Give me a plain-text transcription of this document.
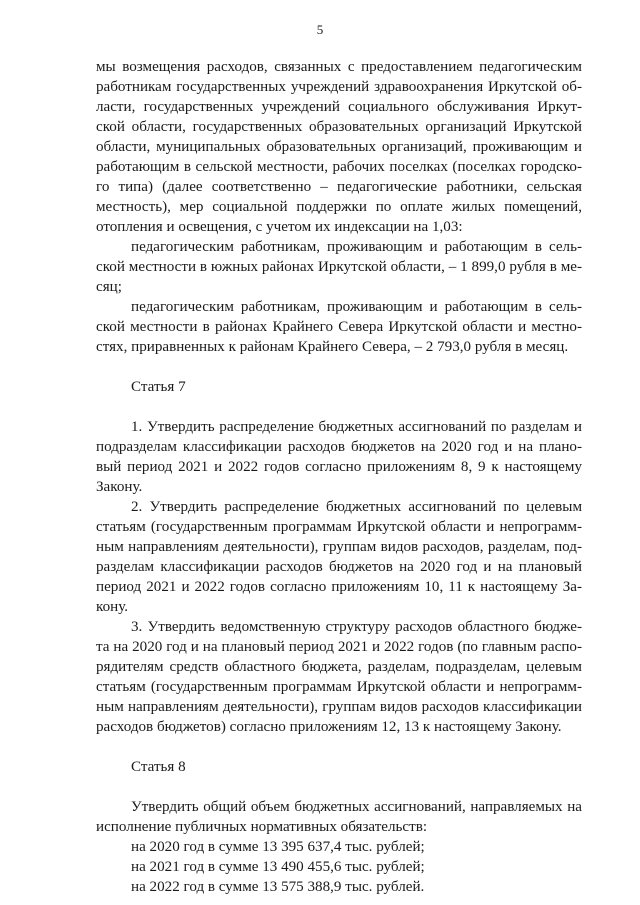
5
мы возмещения расходов, связанных с предоставлением педагогическим
работникам государственных учреждений здравоохранения Иркутской об-
ласти, государственных учреждений социального обслуживания Иркут-
ской области, государственных образовательных организаций Иркутской
области, муниципальных образовательных организаций, проживающим и
работающим в сельской местности, рабочих поселках (поселках городско-
го типа) (далее соответственно – педагогические работники, сельская
местность), мер социальной поддержки по оплате жилых помещений,
отопления и освещения, с учетом их индексации на 1,03:
педагогическим работникам, проживающим и работающим в сель-
ской местности в южных районах Иркутской области, – 1 899,0 рубля в ме-
сяц;
педагогическим работникам, проживающим и работающим в сель-
ской местности в районах Крайнего Севера Иркутской области и местно-
стях, приравненных к районам Крайнего Севера, – 2 793,0 рубля в месяц.
Статья 7
1. Утвердить распределение бюджетных ассигнований по разделам и
подразделам классификации расходов бюджетов на 2020 год и на плано-
вый период 2021 и 2022 годов согласно приложениям 8, 9 к настоящему
Закону.
2. Утвердить распределение бюджетных ассигнований по целевым
статьям (государственным программам Иркутской области и непрограмм-
ным направлениям деятельности), группам видов расходов, разделам, под-
разделам классификации расходов бюджетов на 2020 год и на плановый
период 2021 и 2022 годов согласно приложениям 10, 11 к настоящему За-
кону.
3. Утвердить ведомственную структуру расходов областного бюдже-
та на 2020 год и на плановый период 2021 и 2022 годов (по главным распо-
рядителям средств областного бюджета, разделам, подразделам, целевым
статьям (государственным программам Иркутской области и непрограмм-
ным направлениям деятельности), группам видов расходов классификации
расходов бюджетов) согласно приложениям 12, 13 к настоящему Закону.
Статья 8
Утвердить общий объем бюджетных ассигнований, направляемых на
исполнение публичных нормативных обязательств:
на 2020 год в сумме 13 395 637,4 тыс. рублей;
на 2021 год в сумме 13 490 455,6 тыс. рублей;
на 2022 год в сумме 13 575 388,9 тыс. рублей.
